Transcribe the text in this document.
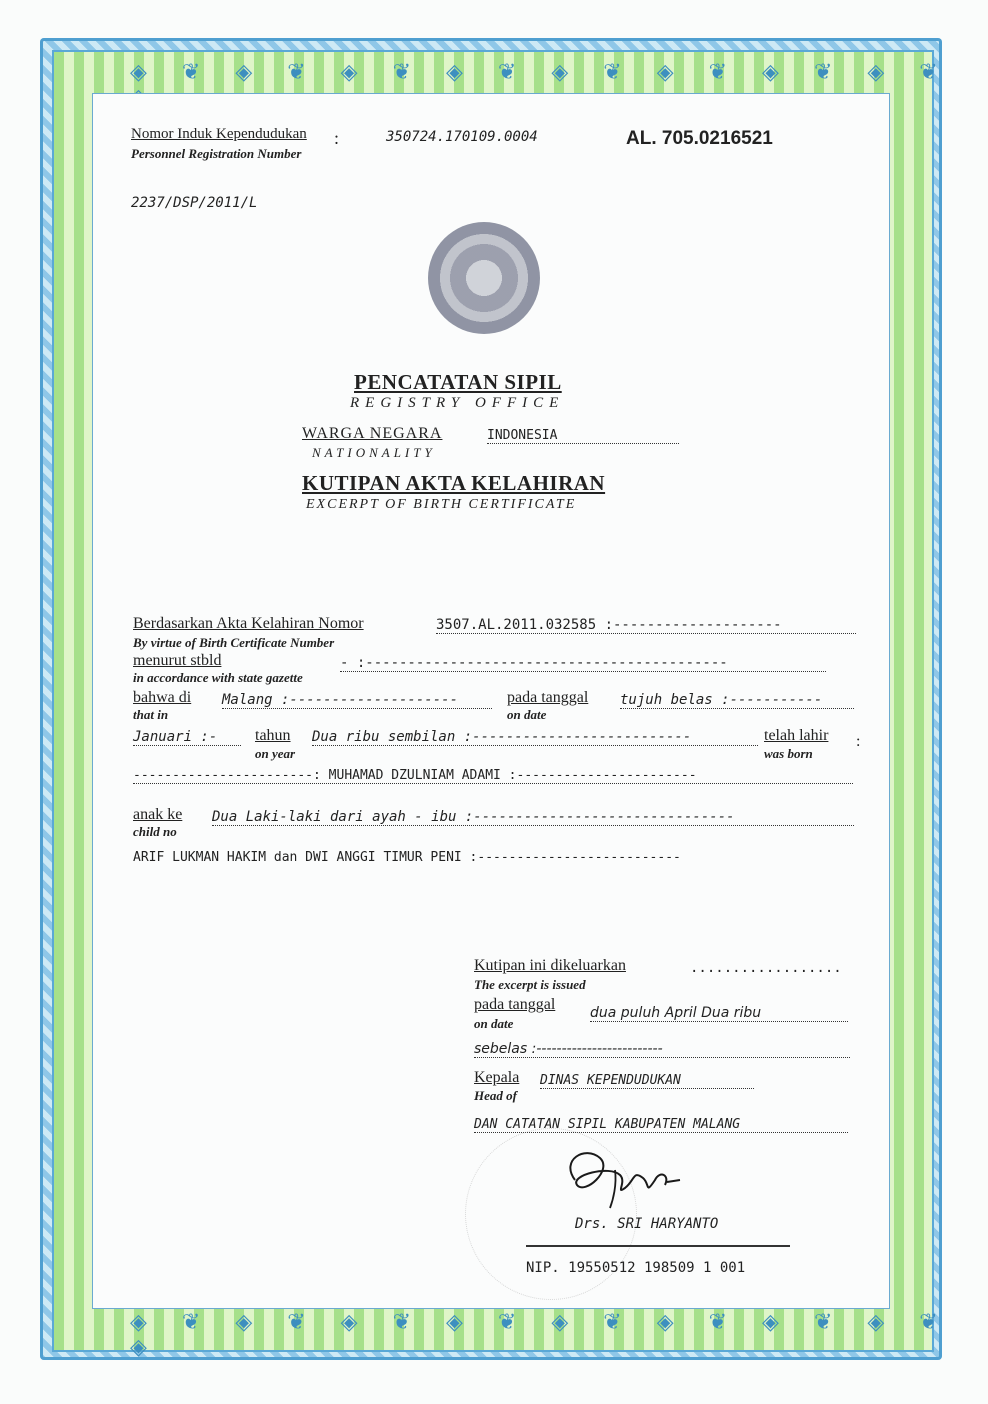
◈ ❦ ◈ ❦ ◈ ❦ ◈ ❦ ◈ ❦ ◈ ❦ ◈ ❦ ◈ ❦
◈ ❦ ◈ ❦ ◈ ❦ ◈ ❦ ◈ ❦ ◈ ❦ ◈ ❦ ◈ ❦ ◈
Nomor Induk Kependudukan
Personnel Registration Number
:	350724.170109.0004	AL. 705.0216521
2237/DSP/2011/L
PENCATATAN SIPIL
REGISTRY OFFICE
WARGA NEGARA	INDONESIA
NATIONALITY
KUTIPAN AKTA KELAHIRAN
EXCERPT OF BIRTH CERTIFICATE
Berdasarkan Akta Kelahiran Nomor
By virtue of Birth Certificate Number
3507.AL.2011.032585 :--------------------
menurut stbld
in accordance with state gazette
- :-------------------------------------------
bahwa di
that in
Malang :--------------------	pada tanggal
on date
tujuh belas :-----------
Januari :-	tahun
on year
Dua ribu sembilan :--------------------------	telah lahir
was born
:
-----------------------: MUHAMAD DZULNIAM ADAMI :-----------------------
anak ke
child no
Dua Laki-laki dari ayah - ibu :-------------------------------
ARIF LUKMAN HAKIM dan DWI ANGGI TIMUR PENI :--------------------------
Kutipan ini dikeluarkan
The excerpt is issued
..................
pada tanggal
on date
dua puluh April Dua ribu
sebelas :-------------------------
Kepala
Head of
DINAS KEPENDUDUKAN
DAN CATATAN SIPIL KABUPATEN MALANG
Drs. SRI HARYANTO
NIP. 19550512 198509 1 001
